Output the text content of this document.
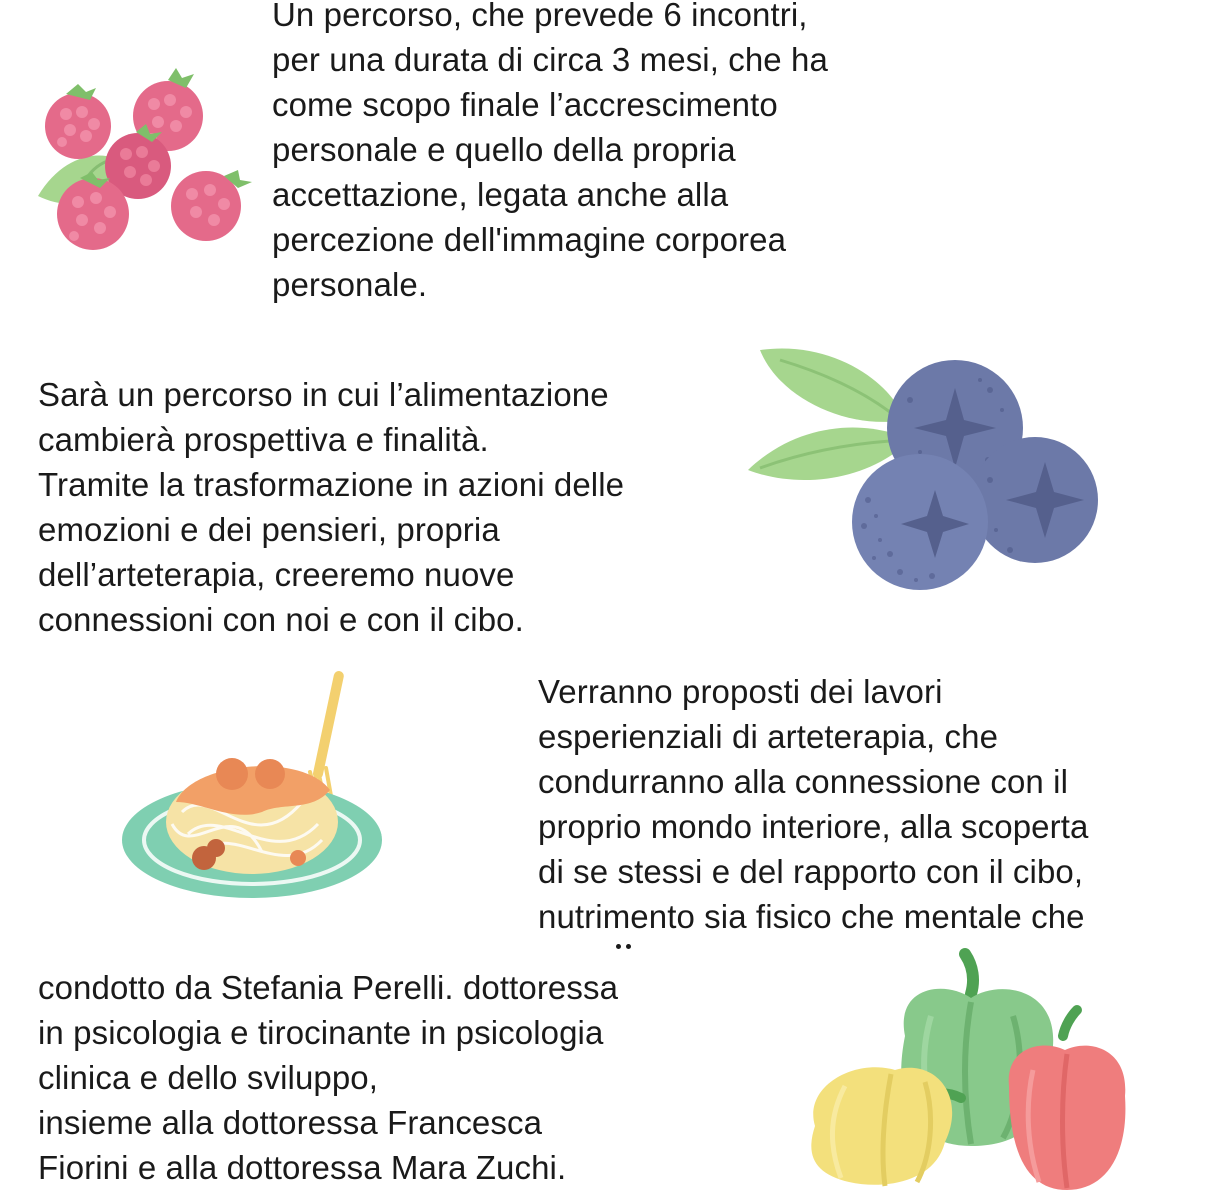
Un percorso, che prevede 6 incontri,
per una durata di circa 3 mesi, che ha
come scopo finale l’accrescimento
personale e quello della propria
accettazione, legata anche alla
percezione dell'immagine corporea
personale.
Sarà un percorso in cui l’alimentazione
cambierà prospettiva e finalità.
Tramite la trasformazione in azioni delle
emozioni e dei pensieri, propria
dell’arteterapia, creeremo nuove
connessioni con noi e con il cibo.
Verranno proposti dei lavori
esperienziali di arteterapia, che
condurranno alla connessione con il
proprio mondo interiore, alla scoperta
di se stessi e del rapporto con il cibo,
nutrimento sia fisico che mentale che
condotto da Stefania Perelli. dottoressa
in psicologia e tirocinante in psicologia
clinica e dello sviluppo,
insieme alla dottoressa Francesca
Fiorini e alla dottoressa Mara Zuchi.
